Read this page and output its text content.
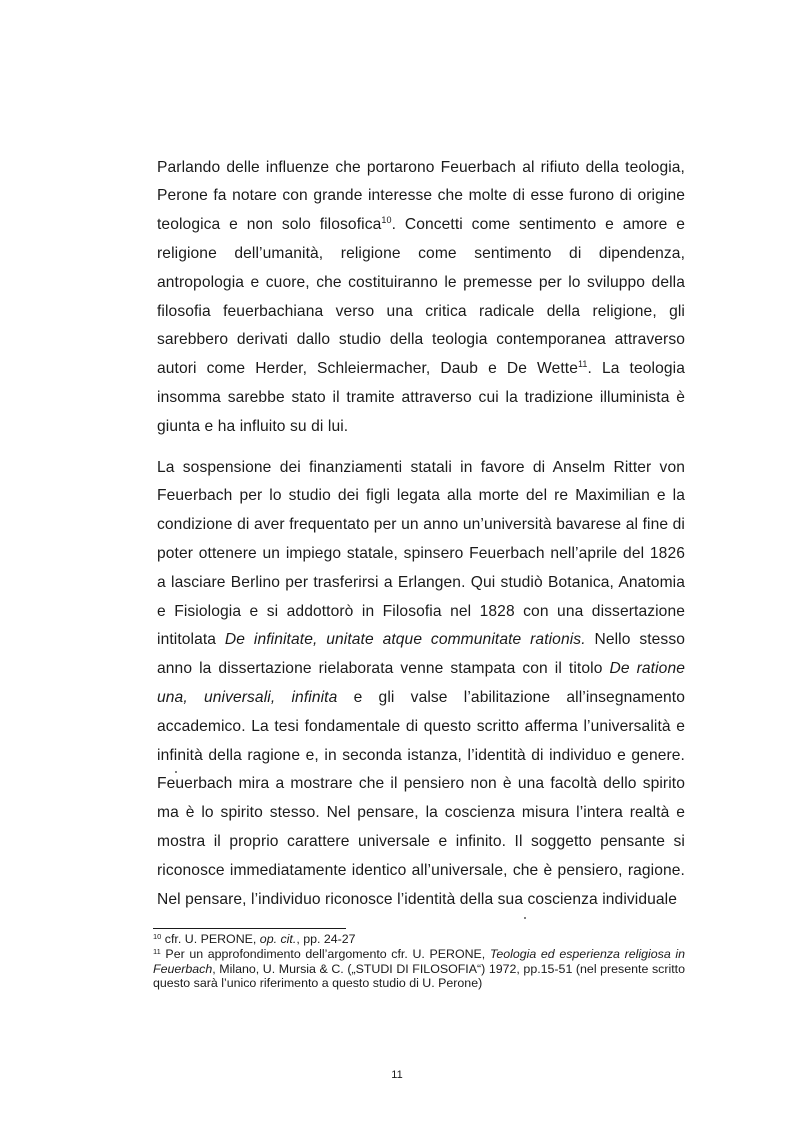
Parlando delle influenze che portarono Feuerbach al rifiuto della teologia, Perone fa notare con grande interesse che molte di esse furono di origine teologica e non solo filosofica$^{10}$. Concetti come sentimento e amore e religione dell’umanità, religione come sentimento di dipendenza, antropologia e cuore, che costituiranno le premesse per lo sviluppo della filosofia feuerbachiana verso una critica radicale della religione, gli sarebbero derivati dallo studio della teologia contemporanea attraverso autori come Herder, Schleiermacher, Daub e De Wette$^{11}$. La teologia insomma sarebbe stato il tramite attraverso cui la tradizione illuminista è giunta e ha influito su di lui.

La sospensione dei finanziamenti statali in favore di Anselm Ritter von Feuerbach per lo studio dei figli legata alla morte del re Maximilian e la condizione di aver frequentato per un anno un’università bavarese al fine di poter ottenere un impiego statale, spinsero Feuerbach nell’aprile del 1826 a lasciare Berlino per trasferirsi a Erlangen. Qui studiò Botanica, Anatomia e Fisiologia e si addottorò in Filosofia nel 1828 con una dissertazione intitolata De infinitate, unitate atque communitate rationis. Nello stesso anno la dissertazione rielaborata venne stampata con il titolo De ratione una, universali, infinita e gli valse l’abilitazione all’insegnamento accademico. La tesi fondamentale di questo scritto afferma l’universalità e infinità della ragione e, in seconda istanza, l’identità di individuo e genere. Feuerbach mira a mostrare che il pensiero non è una facoltà dello spirito ma è lo spirito stesso. Nel pensare, la coscienza misura l’intera realtà e mostra il proprio carattere universale e infinito. Il soggetto pensante si riconosce immediatamente identico all’universale, che è pensiero, ragione. Nel pensare, l’individuo riconosce l’identità della sua coscienza individuale

$^{10}$ cfr. U. PERONE, op. cit., pp. 24-27

$^{11}$ Per un approfondimento dell’argomento cfr. U. PERONE, Teologia ed esperienza religiosa in Feuerbach, Milano, U. Mursia & C. („STUDI DI FILOSOFIA“) 1972, pp.15-51 (nel presente scritto questo sarà l’unico riferimento a questo studio di U. Perone)

11
